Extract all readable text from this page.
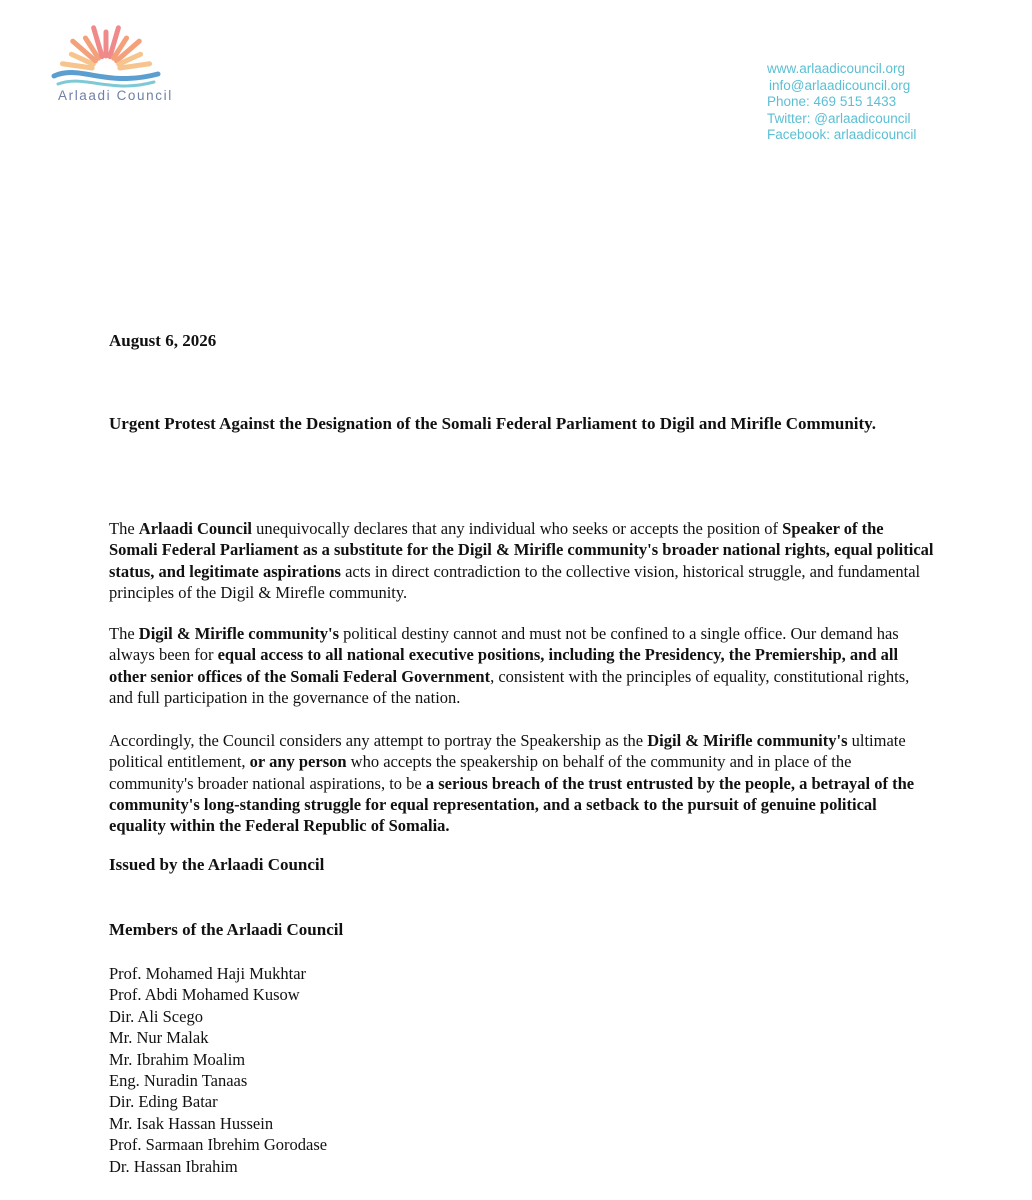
Arlaadi Council
www.arlaadicouncil.org
info@arlaadicouncil.org
Phone: 469 515 1433
Twitter: @arlaadicouncil
Facebook: arlaadicouncil
August 6, 2026
Urgent Protest Against the Designation of the Somali Federal Parliament to Digil and Mirifle Community.

The Arlaadi Council unequivocally declares that any individual who seeks or accepts the position of Speaker of the Somali Federal Parliament as a substitute for the Digil & Mirifle community's broader national rights, equal political status, and legitimate aspirations acts in direct contradiction to the collective vision, historical struggle, and fundamental principles of the Digil & Mirefle community.

The Digil & Mirifle community's political destiny cannot and must not be confined to a single office. Our demand has always been for equal access to all national executive positions, including the Presidency, the Premiership, and all other senior offices of the Somali Federal Government, consistent with the principles of equality, constitutional rights, and full participation in the governance of the nation.

Accordingly, the Council considers any attempt to portray the Speakership as the Digil & Mirifle community's ultimate political entitlement, or any person who accepts the speakership on behalf of the community and in place of the community's broader national aspirations, to be a serious breach of the trust entrusted by the people, a betrayal of the community's long-standing struggle for equal representation, and a setback to the pursuit of genuine political equality within the Federal Republic of Somalia.

Issued by the Arlaadi Council
Members of the Arlaadi Council
Prof. Mohamed Haji Mukhtar
Prof. Abdi Mohamed Kusow
Dir. Ali Scego
Mr. Nur Malak
Mr. Ibrahim Moalim
Eng. Nuradin Tanaas
Dir. Eding Batar
Mr. Isak Hassan Hussein
Prof. Sarmaan Ibrehim Gorodase
Dr. Hassan Ibrahim
